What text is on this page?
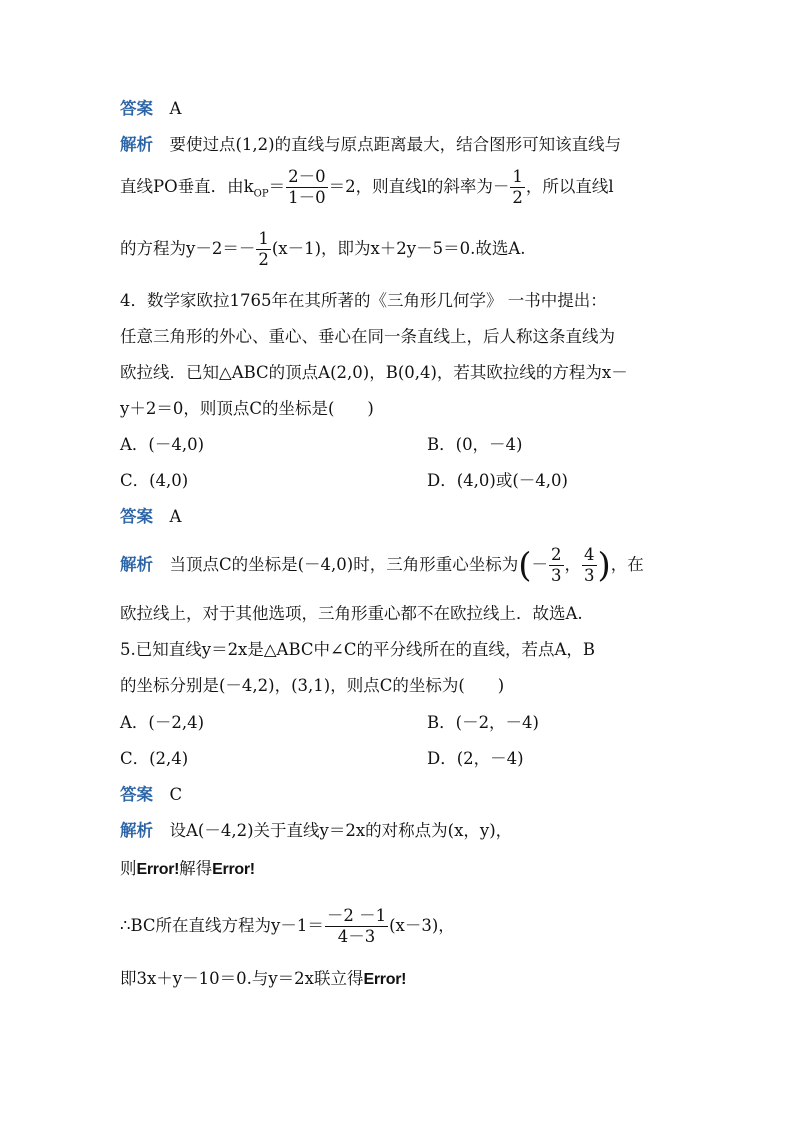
答案　 A
解析　 要使过点(1,2)的直线与原点距离最大，结合图形可知该直线与
直线PO垂直．由$k_{OP}= \frac{2-0}{1-0} =2$，则直线l的斜率为－ $\frac{1}{2}$ ，所以直线l
的方程为$y-2=- \frac{1}{2} (x-1)$，即为x＋2y－5＝0.故选A.
4．数学家欧拉1765年在其所著的《三角形几何学》 一书中提出：
任意三角形的外心、重心、垂心在同一条直线上，后人称这条直线为
欧拉线．已知△ABC的顶点A(2,0)，B(0,4)，若其欧拉线的方程为x－
y＋2＝0，则顶点C的坐标是(　　)
A．(－4,0)	B．(0，－4)
C．(4,0)	D．(4,0)或(－4,0)
答案　 A
解析　 当顶点C的坐标是(－4,0)时，三角形重心坐标为(－ $\frac{2}{3}$ ， $\frac{4}{3}$ )，在
欧拉线上，对于其他选项，三角形重心都不在欧拉线上．故选A.
5.已知直线y＝2x是△ABC中∠C的平分线所在的直线，若点A，B
的坐标分别是(－4,2)，(3,1)，则点C的坐标为(　　)
A．(－2,4)	B．(－2，－4)
C．(2,4)	D．(2，－4)
答案　 C
解析　 设A(－4,2)关于直线y＝2x的对称点为(x，y)，
则Error!解得Error!
∴BC所在直线方程为$y-1= \frac{-2 -1}{4-3} (x-3)$，
即3x＋y－10＝0.与y＝2x联立得Error!
